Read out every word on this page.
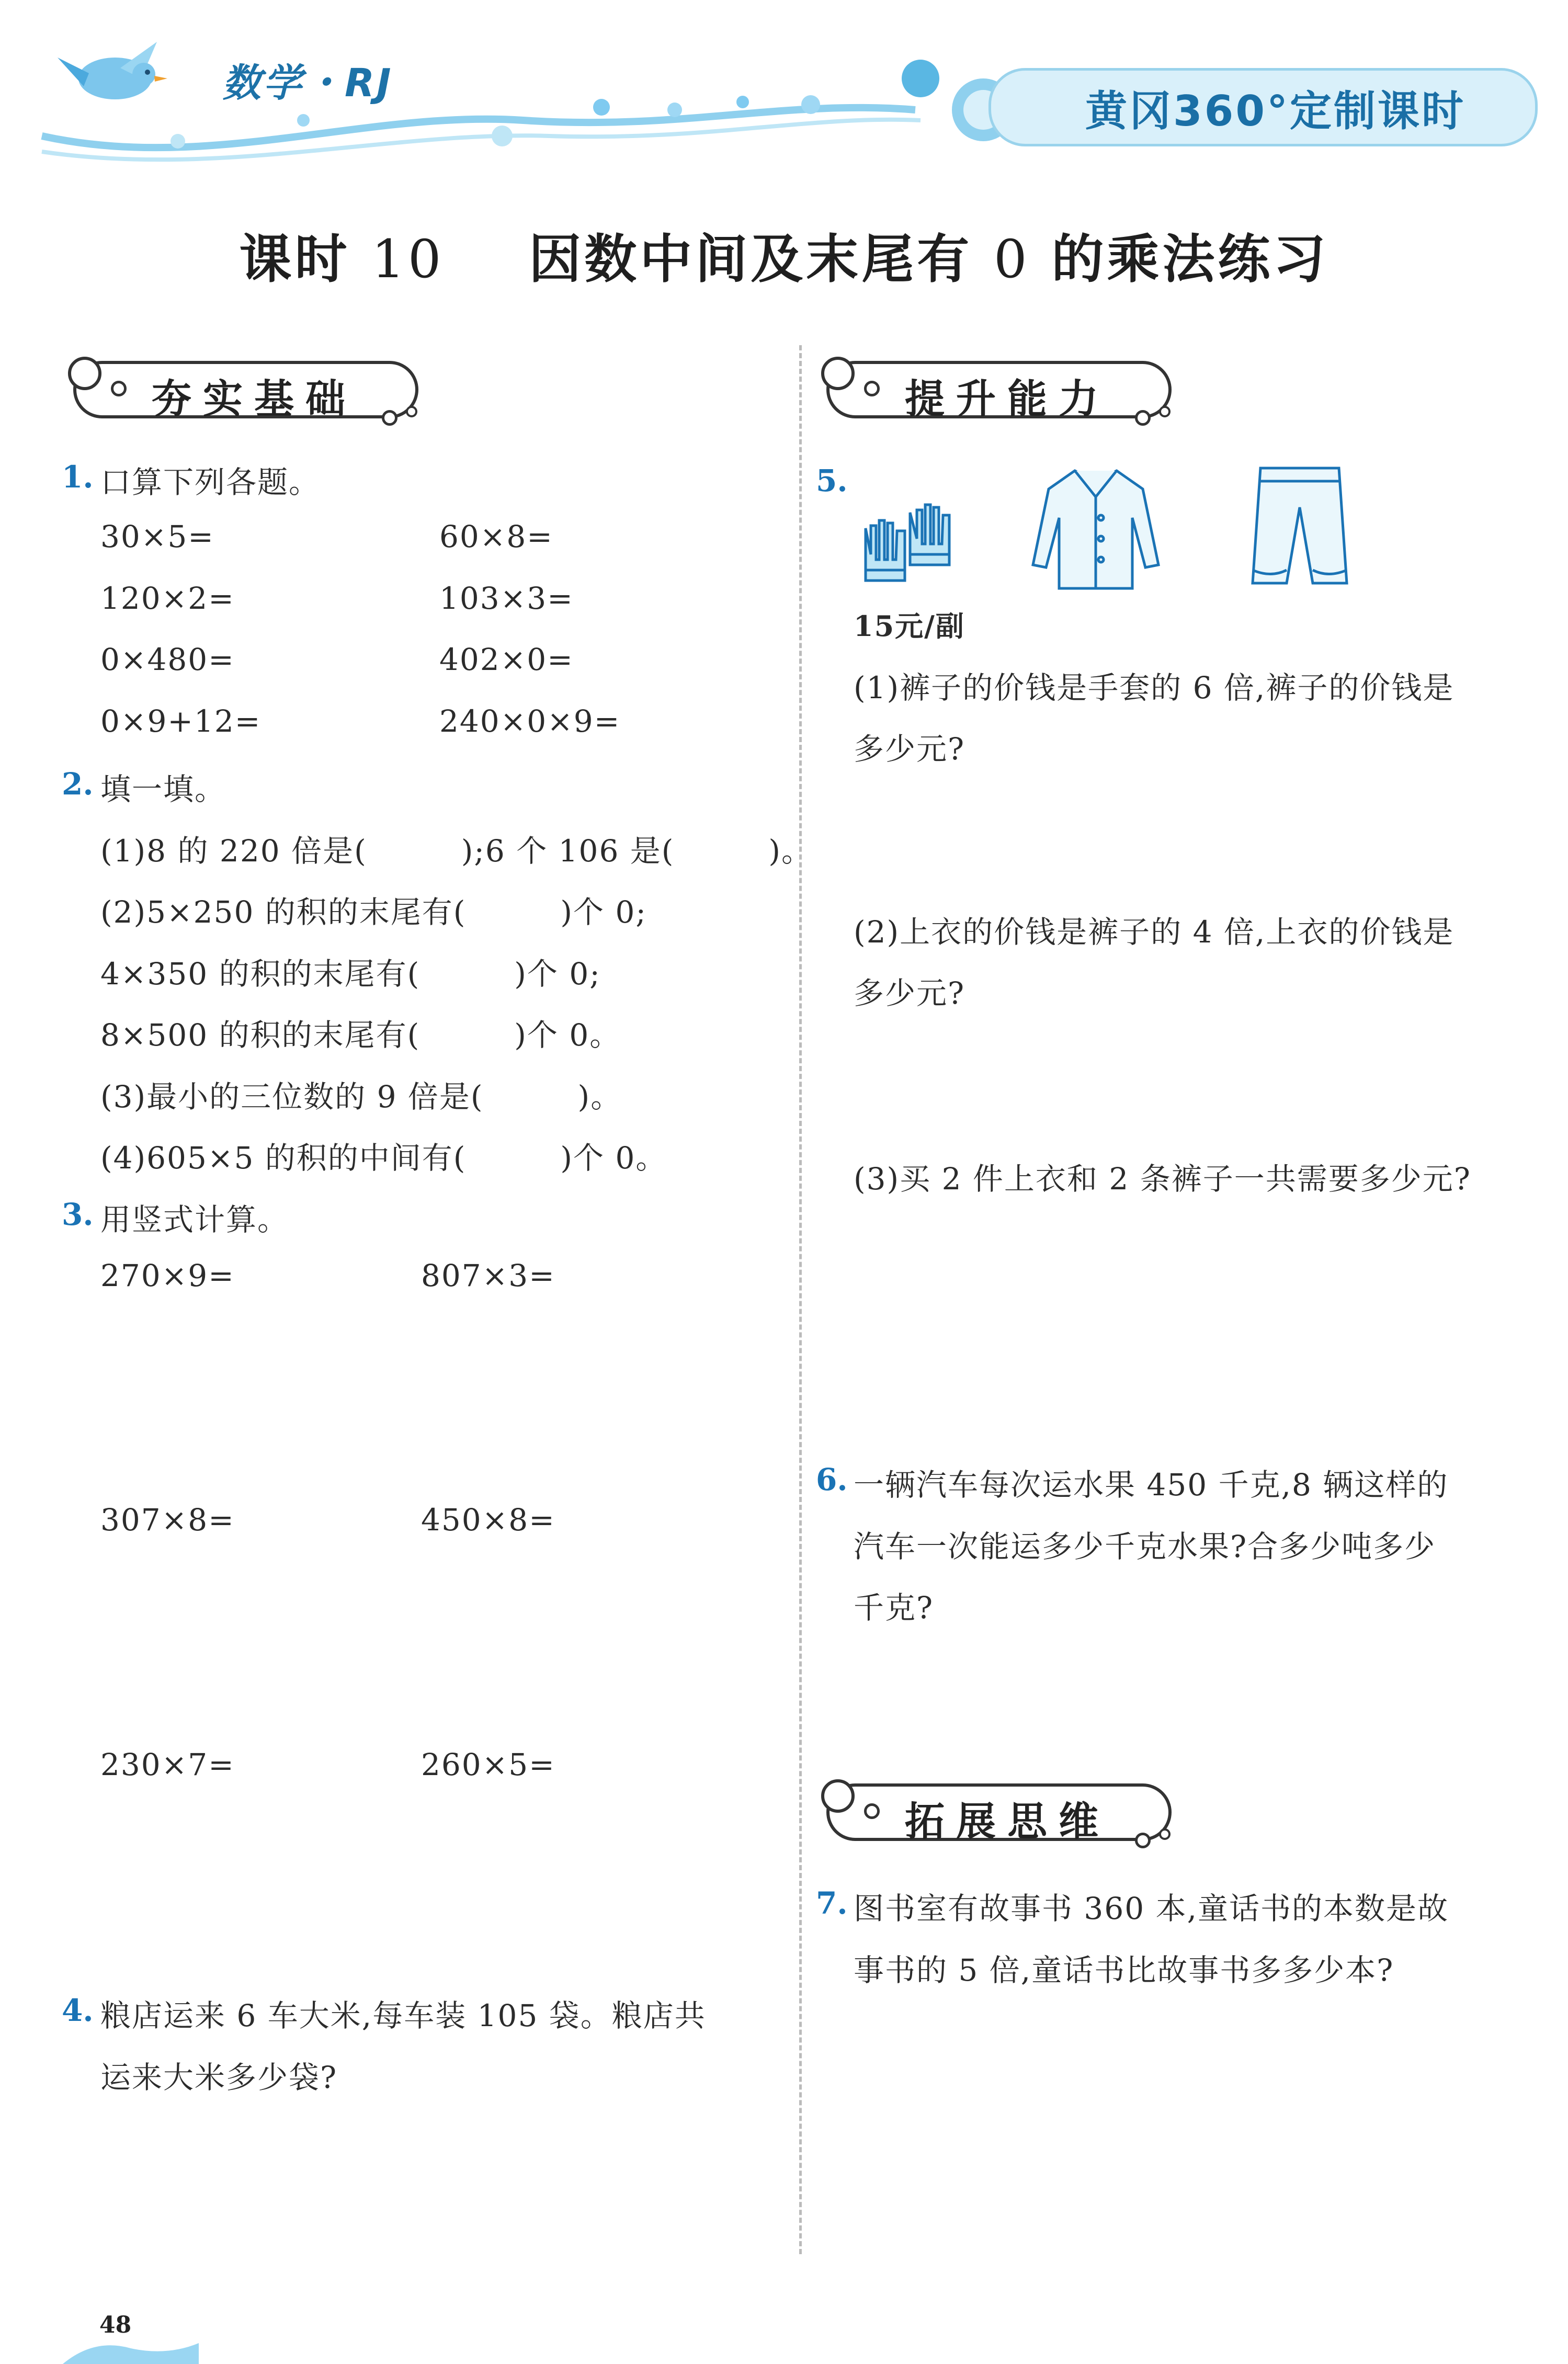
数学・RJ
黄冈360°定制课时
课时 10 因数中间及末尾有 0 的乘法练习
夯实基础
1. 口算下列各题。
30×5=	60×8=
120×2=	103×3=
0×480=	402×0=
0×9+12=	240×0×9=
2. 填一填。
(1)8 的 220 倍是(　　　);6 个 106 是(　　　)。
(2)5×250 的积的末尾有(　　　)个 0;
4×350 的积的末尾有(　　　)个 0;
8×500 的积的末尾有(　　　)个 0。
(3)最小的三位数的 9 倍是(　　　)。
(4)605×5 的积的中间有(　　　)个 0。
3. 用竖式计算。
270×9=	807×3=
307×8=	450×8=
230×7=	260×5=
4. 粮店运来 6 车大米,每车装 105 袋。粮店共
运来大米多少袋?
提升能力
5.
15元/副
(1)裤子的价钱是手套的 6 倍,裤子的价钱是
多少元?
(2)上衣的价钱是裤子的 4 倍,上衣的价钱是
多少元?
(3)买 2 件上衣和 2 条裤子一共需要多少元?
6. 一辆汽车每次运水果 450 千克,8 辆这样的
汽车一次能运多少千克水果?合多少吨多少
千克?
拓展思维
7. 图书室有故事书 360 本,童话书的本数是故
事书的 5 倍,童话书比故事书多多少本?
48
